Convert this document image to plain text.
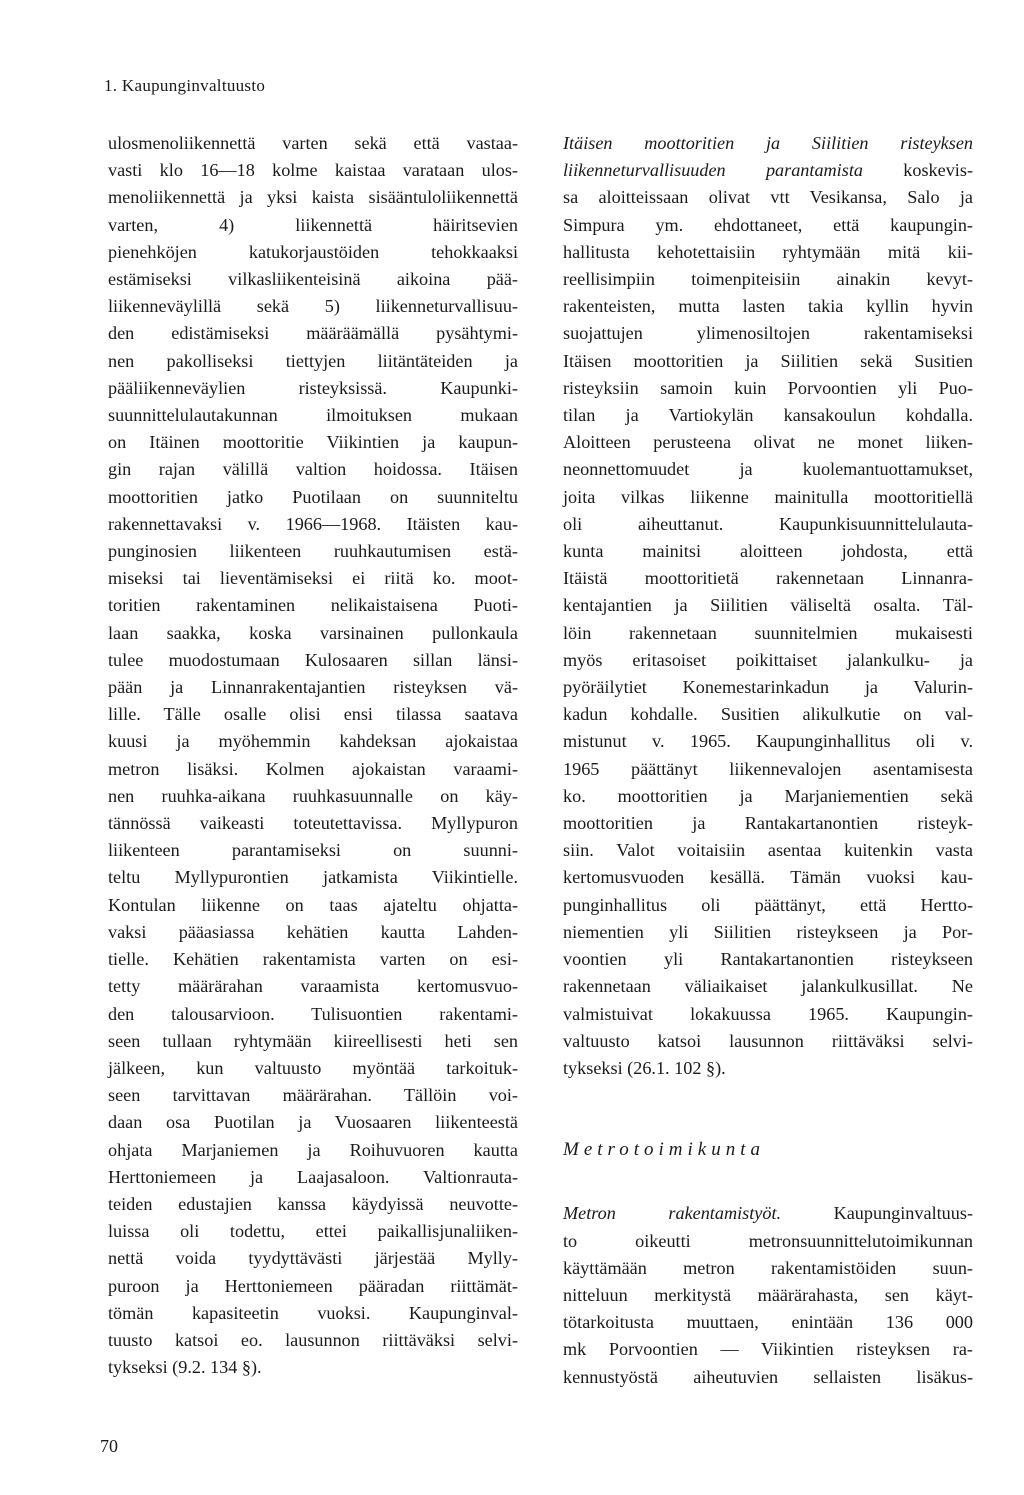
1. Kaupunginvaltuusto

ulosmenoliikennettä varten sekä että vastaa-
vasti klo 16—18 kolme kaistaa varataan ulos-
menoliikennettä ja yksi kaista sisääntuloliikennettä
varten, 4) liikennettä häiritsevien
pienehköjen katukorjaustöiden tehokkaaksi
estämiseksi vilkasliikenteisinä aikoina pää-
liikenneväylillä sekä 5) liikenneturvallisuu-
den edistämiseksi määräämällä pysähtymi-
nen pakolliseksi tiettyjen liitäntäteiden ja
pääliikenneväylien risteyksissä. Kaupunki-
suunnittelulautakunnan ilmoituksen mukaan
on Itäinen moottoritie Viikintien ja kaupun-
gin rajan välillä valtion hoidossa. Itäisen
moottoritien jatko Puotilaan on suunniteltu
rakennettavaksi v. 1966—1968. Itäisten kau-
punginosien liikenteen ruuhkautumisen estä-
miseksi tai lieventämiseksi ei riitä ko. moot-
toritien rakentaminen nelikaistaisena Puoti-
laan saakka, koska varsinainen pullonkaula
tulee muodostumaan Kulosaaren sillan länsi-
pään ja Linnanrakentajantien risteyksen vä-
lille. Tälle osalle olisi ensi tilassa saatava
kuusi ja myöhemmin kahdeksan ajokaistaa
metron lisäksi. Kolmen ajokaistan varaami-
nen ruuhka-aikana ruuhkasuunnalle on käy-
tännössä vaikeasti toteutettavissa. Myllypuron
liikenteen parantamiseksi on suunni-
teltu Myllypurontien jatkamista Viikintielle.
Kontulan liikenne on taas ajateltu ohjatta-
vaksi pääasiassa kehätien kautta Lahden-
tielle. Kehätien rakentamista varten on esi-
tetty määrärahan varaamista kertomusvuo-
den talousarvioon. Tulisuontien rakentami-
seen tullaan ryhtymään kiireellisesti heti sen
jälkeen, kun valtuusto myöntää tarkoituk-
seen tarvittavan määrärahan. Tällöin voi-
daan osa Puotilan ja Vuosaaren liikenteestä
ohjata Marjaniemen ja Roihuvuoren kautta
Herttoniemeen ja Laajasaloon. Valtionrauta-
teiden edustajien kanssa käydyissä neuvotte-
luissa oli todettu, ettei paikallisjunaliiken-
nettä voida tyydyttävästi järjestää Mylly-
puroon ja Herttoniemeen pääradan riittämät-
tömän kapasiteetin vuoksi. Kaupunginval-
tuusto katsoi eo. lausunnon riittäväksi selvi-
tykseksi (9.2. 134 §).

Itäisen moottoritien ja Siilitien risteyksen
liikenneturvallisuuden parantamista koskevis-
sa aloitteissaan olivat vtt Vesikansa, Salo ja
Simpura ym. ehdottaneet, että kaupungin-
hallitusta kehotettaisiin ryhtymään mitä kii-
reellisimpiin toimenpiteisiin ainakin kevyt-
rakenteisten, mutta lasten takia kyllin hyvin
suojattujen ylimenosiltojen rakentamiseksi
Itäisen moottoritien ja Siilitien sekä Susitien
risteyksiin samoin kuin Porvoontien yli Puo-
tilan ja Vartiokylän kansakoulun kohdalla.
Aloitteen perusteena olivat ne monet liiken-
neonnettomuudet ja kuolemantuottamukset,
joita vilkas liikenne mainitulla moottoritiellä
oli aiheuttanut. Kaupunkisuunnittelulauta-
kunta mainitsi aloitteen johdosta, että
Itäistä moottoritietä rakennetaan Linnanra-
kentajantien ja Siilitien väliseltä osalta. Täl-
löin rakennetaan suunnitelmien mukaisesti
myös eritasoiset poikittaiset jalankulku- ja
pyöräilytiet Konemestarinkadun ja Valurin-
kadun kohdalle. Susitien alikulkutie on val-
mistunut v. 1965. Kaupunginhallitus oli v.
1965 päättänyt liikennevalojen asentamisesta
ko. moottoritien ja Marjaniementien sekä
moottoritien ja Rantakartanontien risteyk-
siin. Valot voitaisiin asentaa kuitenkin vasta
kertomusvuoden kesällä. Tämän vuoksi kau-
punginhallitus oli päättänyt, että Hertto-
niementien yli Siilitien risteykseen ja Por-
voontien yli Rantakartanontien risteykseen
rakennetaan väliaikaiset jalankulkusillat. Ne
valmistuivat lokakuussa 1965. Kaupungin-
valtuusto katsoi lausunnon riittäväksi selvi-
tykseksi (26.1. 102 §).

Metrotoimikunta

Metron rakentamistyöt.	Kaupunginvaltuus-
to oikeutti metronsuunnittelutoimikunnan
käyttämään metron rakentamistöiden suun-
nitteluun merkitystä määrärahasta, sen käyt-
tötarkoitusta muuttaen, enintään 136 000
mk Porvoontien — Viikintien risteyksen ra-
kennustyöstä aiheutuvien sellaisten lisäkus-

70
